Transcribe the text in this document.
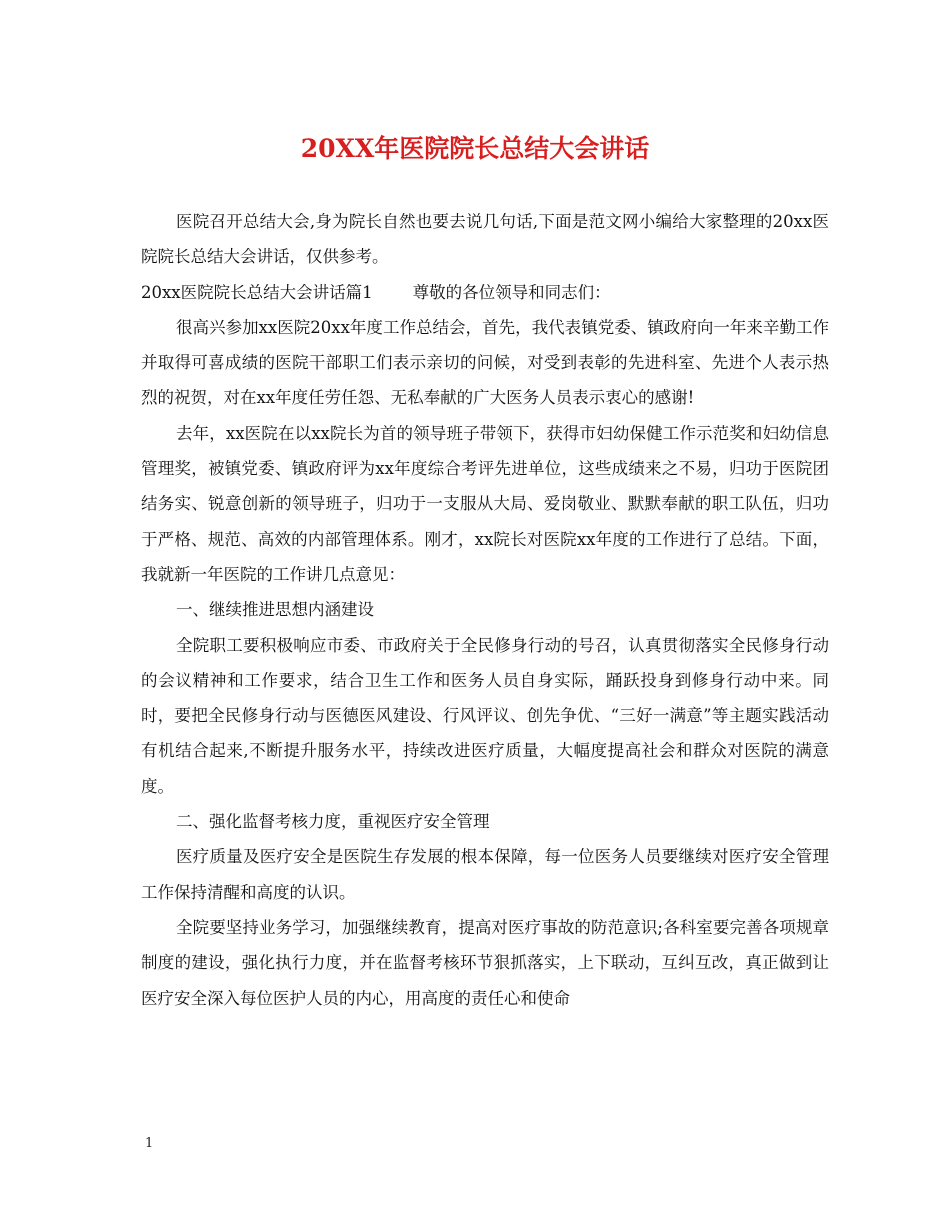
20XX年医院院长总结大会讲话

医院召开总结大会,身为院长自然也要去说几句话,下面是范文网小编给大家整理的20xx医院院长总结大会讲话，仅供参考。

20xx医院院长总结大会讲话篇1 尊敬的各位领导和同志们：

很高兴参加xx医院20xx年度工作总结会，首先，我代表镇党委、镇政府向一年来辛勤工作并取得可喜成绩的医院干部职工们表示亲切的问候，对受到表彰的先进科室、先进个人表示热烈的祝贺，对在xx年度任劳任怨、无私奉献的广大医务人员表示衷心的感谢!

去年，xx医院在以xx院长为首的领导班子带领下，获得市妇幼保健工作示范奖和妇幼信息管理奖，被镇党委、镇政府评为xx年度综合考评先进单位，这些成绩来之不易，归功于医院团结务实、锐意创新的领导班子，归功于一支服从大局、爱岗敬业、默默奉献的职工队伍，归功于严格、规范、高效的内部管理体系。刚才，xx院长对医院xx年度的工作进行了总结。下面，我就新一年医院的工作讲几点意见：

一、继续推进思想内涵建设

全院职工要积极响应市委、市政府关于全民修身行动的号召，认真贯彻落实全民修身行动的会议精神和工作要求，结合卫生工作和医务人员自身实际，踊跃投身到修身行动中来。同时，要把全民修身行动与医德医风建设、行风评议、创先争优、“三好一满意”等主题实践活动有机结合起来,不断提升服务水平，持续改进医疗质量，大幅度提高社会和群众对医院的满意度。

二、强化监督考核力度，重视医疗安全管理

医疗质量及医疗安全是医院生存发展的根本保障，每一位医务人员要继续对医疗安全管理工作保持清醒和高度的认识。

全院要坚持业务学习，加强继续教育，提高对医疗事故的防范意识;各科室要完善各项规章制度的建设，强化执行力度，并在监督考核环节狠抓落实，上下联动，互纠互改，真正做到让医疗安全深入每位医护人员的内心，用高度的责任心和使命

1
